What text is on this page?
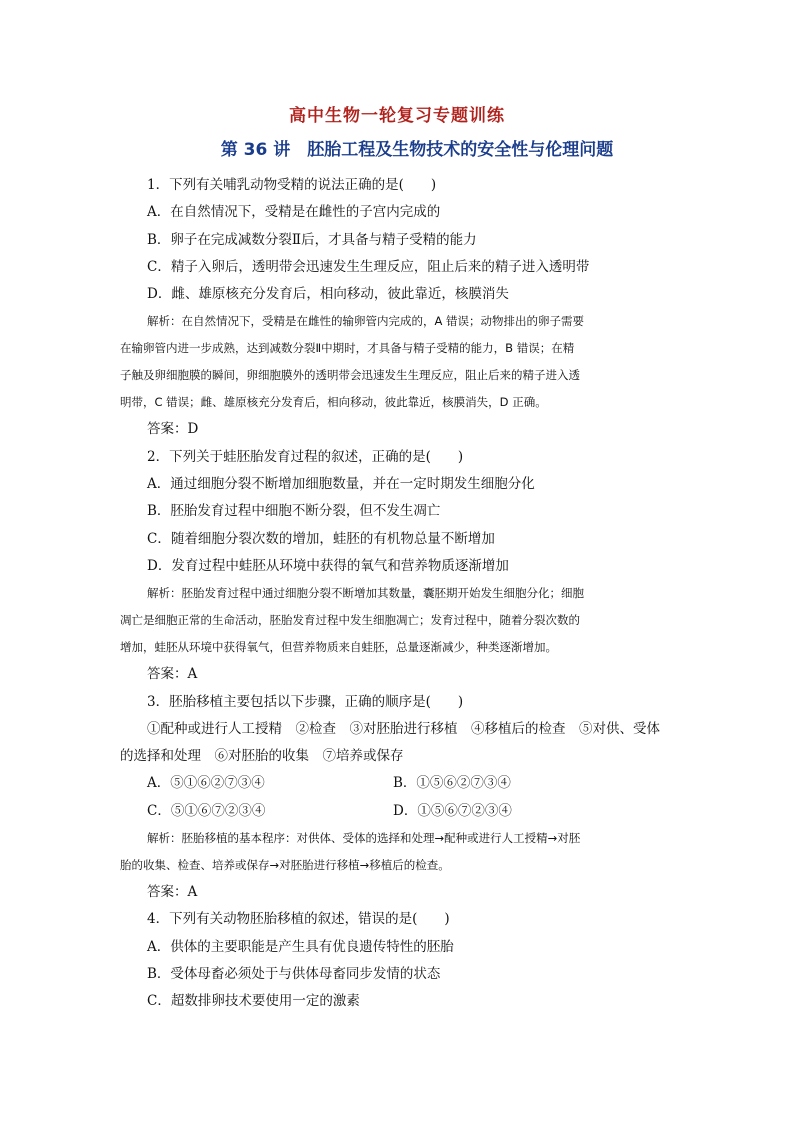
高中生物一轮复习专题训练
第 36 讲　胚胎工程及生物技术的安全性与伦理问题
1．下列有关哺乳动物受精的说法正确的是(　　)
A．在自然情况下，受精是在雌性的子宫内完成的
B．卵子在完成减数分裂Ⅱ后，才具备与精子受精的能力
C．精子入卵后，透明带会迅速发生生理反应，阻止后来的精子进入透明带
D．雌、雄原核充分发育后，相向移动，彼此靠近，核膜消失
解析：在自然情况下，受精是在雌性的输卵管内完成的，A 错误；动物排出的卵子需要
在输卵管内进一步成熟，达到减数分裂Ⅱ中期时，才具备与精子受精的能力，B 错误；在精
子触及卵细胞膜的瞬间，卵细胞膜外的透明带会迅速发生生理反应，阻止后来的精子进入透
明带，C 错误；雌、雄原核充分发育后，相向移动，彼此靠近，核膜消失，D 正确。
答案：D
2．下列关于蛙胚胎发育过程的叙述，正确的是(　　)
A．通过细胞分裂不断增加细胞数量，并在一定时期发生细胞分化
B．胚胎发育过程中细胞不断分裂，但不发生凋亡
C．随着细胞分裂次数的增加，蛙胚的有机物总量不断增加
D．发育过程中蛙胚从环境中获得的氧气和营养物质逐渐增加
解析：胚胎发育过程中通过细胞分裂不断增加其数量，囊胚期开始发生细胞分化；细胞
凋亡是细胞正常的生命活动，胚胎发育过程中发生细胞凋亡；发育过程中，随着分裂次数的
增加，蛙胚从环境中获得氧气，但营养物质来自蛙胚，总量逐渐减少，种类逐渐增加。
答案：A
3．胚胎移植主要包括以下步骤，正确的顺序是(　　)
①配种或进行人工授精　②检查　③对胚胎进行移植　④移植后的检查　⑤对供、受体
的选择和处理　⑥对胚胎的收集　⑦培养或保存
A．⑤①⑥②⑦③④	B．①⑤⑥②⑦③④
C．⑤①⑥⑦②③④	D．①⑤⑥⑦②③④
解析：胚胎移植的基本程序：对供体、受体的选择和处理→配种或进行人工授精→对胚
胎的收集、检查、培养或保存→对胚胎进行移植→移植后的检查。
答案：A
4．下列有关动物胚胎移植的叙述，错误的是(　　)
A．供体的主要职能是产生具有优良遗传特性的胚胎
B．受体母畜必须处于与供体母畜同步发情的状态
C．超数排卵技术要使用一定的激素
